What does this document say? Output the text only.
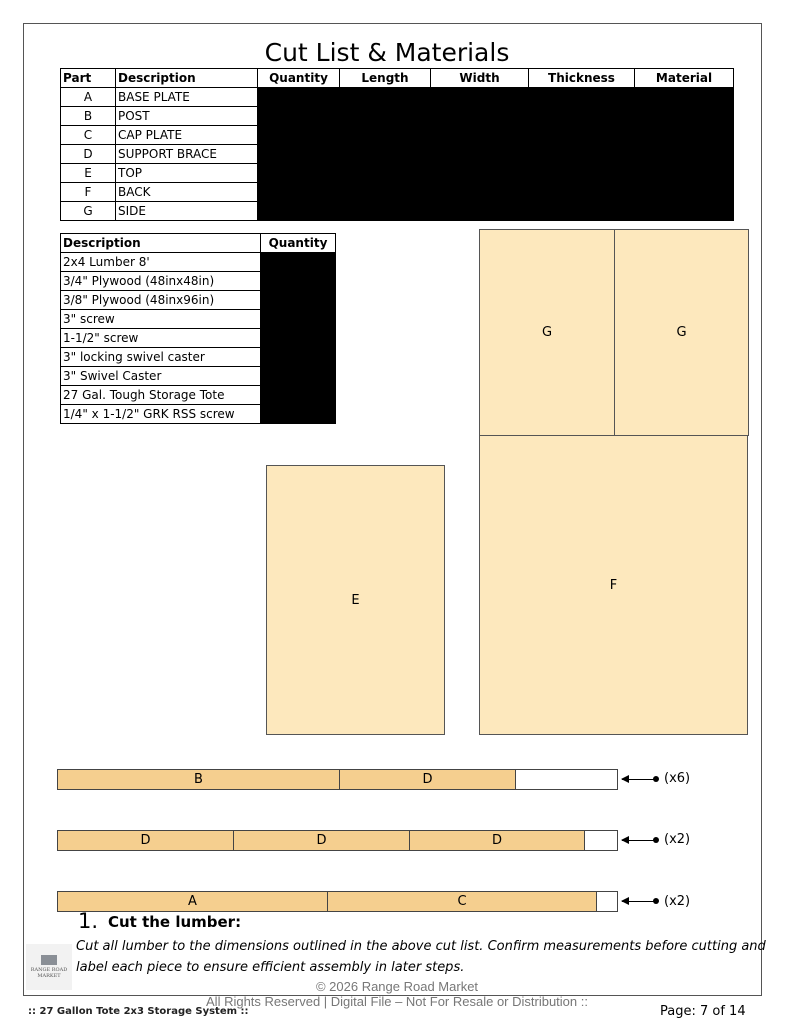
Cut List & Materials
Part	Description	Quantity	Length	Width	Thickness	Material
A	BASE PLATE					
B	POST					
C	CAP PLATE					
D	SUPPORT BRACE					
E	TOP					
F	BACK					
G	SIDE					
Description	Quantity
2x4 Lumber 8'	
3/4" Plywood (48inx48in)	
3/8" Plywood (48inx96in)	
3" screw	
1-1/2" screw	
3" locking swivel caster	
3" Swivel Caster	
27 Gal. Tough Storage Tote	
1/4" x 1-1/2" GRK RSS screw	
G	G
F
E
B	D	(x6)
D	D	D	(x2)
A	C	(x2)
1. Cut the lumber:
Cut all lumber to the dimensions outlined in the above cut list. Confirm measurements before cutting and label each piece to ensure efficient assembly in later steps.
RANGE ROAD
MARKET
© 2026 Range Road Market
All Rights Reserved | Digital File – Not For Resale or Distribution ::
:: 27 Gallon Tote 2x3 Storage System ::	Page: 7 of 14
